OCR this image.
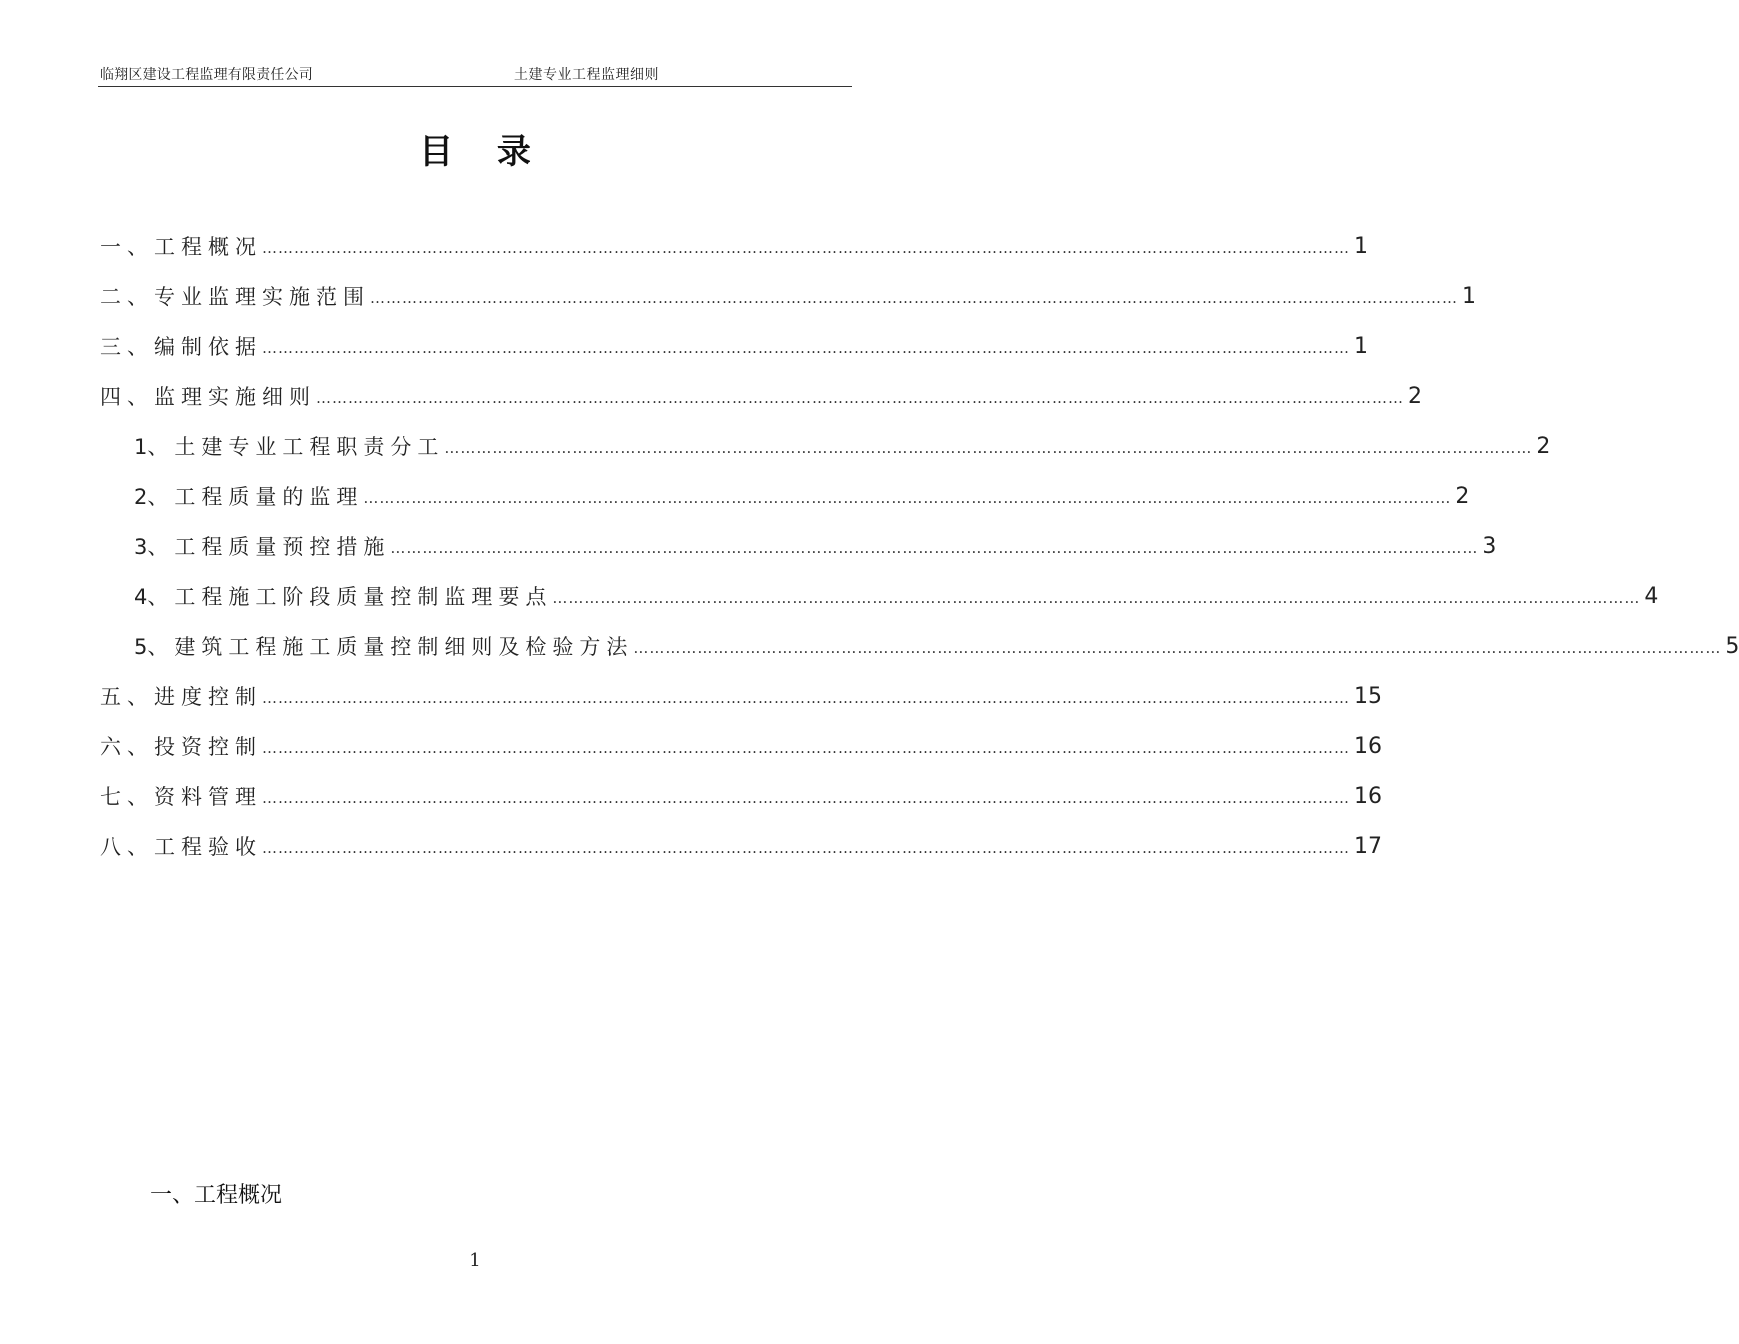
临翔区建设工程监理有限责任公司	土建专业工程监理细则
目 录
一、工程概况 …………………………………………………………………………………………………………………………………………………………………………………… 1
二、专业监理实施范围 …………………………………………………………………………………………………………………………………………………………………………………… 1
三、编制依据 …………………………………………………………………………………………………………………………………………………………………………………… 1
四、监理实施细则 …………………………………………………………………………………………………………………………………………………………………………………… 2
1、土建专业工程职责分工 …………………………………………………………………………………………………………………………………………………………………………………… 2
2、工程质量的监理 …………………………………………………………………………………………………………………………………………………………………………………… 2
3、工程质量预控措施 …………………………………………………………………………………………………………………………………………………………………………………… 3
4、工程施工阶段质量控制监理要点 …………………………………………………………………………………………………………………………………………………………………………………… 4
5、建筑工程施工质量控制细则及检验方法 …………………………………………………………………………………………………………………………………………………………………………………… 5
五、进度控制 …………………………………………………………………………………………………………………………………………………………………………………… 15
六、投资控制 …………………………………………………………………………………………………………………………………………………………………………………… 16
七、资料管理 …………………………………………………………………………………………………………………………………………………………………………………… 16
八、工程验收 …………………………………………………………………………………………………………………………………………………………………………………… 17
一、工程概况
1
